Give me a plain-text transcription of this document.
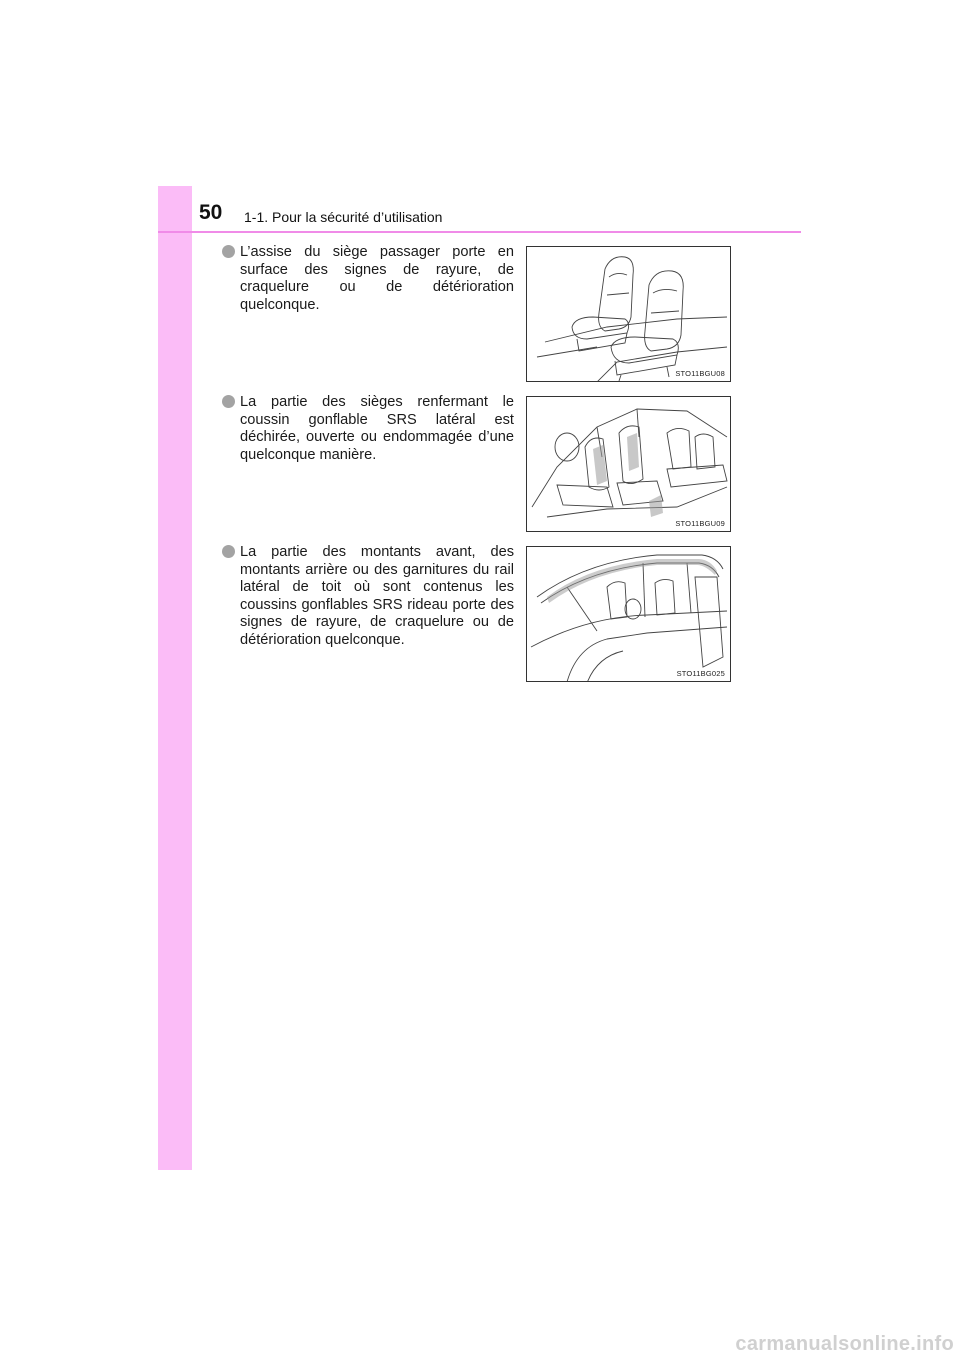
50 1-1. Pour la sécurité d’utilisation
L’assise du siège passager porte en surface des signes de rayure, de craquelure ou de détérioration quelconque.
STO11BGU08
La partie des sièges renfermant le coussin gonflable SRS latéral est déchirée, ouverte ou endommagée d’une quelconque manière.
STO11BGU09
La partie des montants avant, des montants arrière ou des garnitures du rail latéral de toit où sont contenus les coussins gonflables SRS rideau porte des signes de rayure, de craquelure ou de détérioration quelconque.
STO11BG025
carmanualsonline.info
